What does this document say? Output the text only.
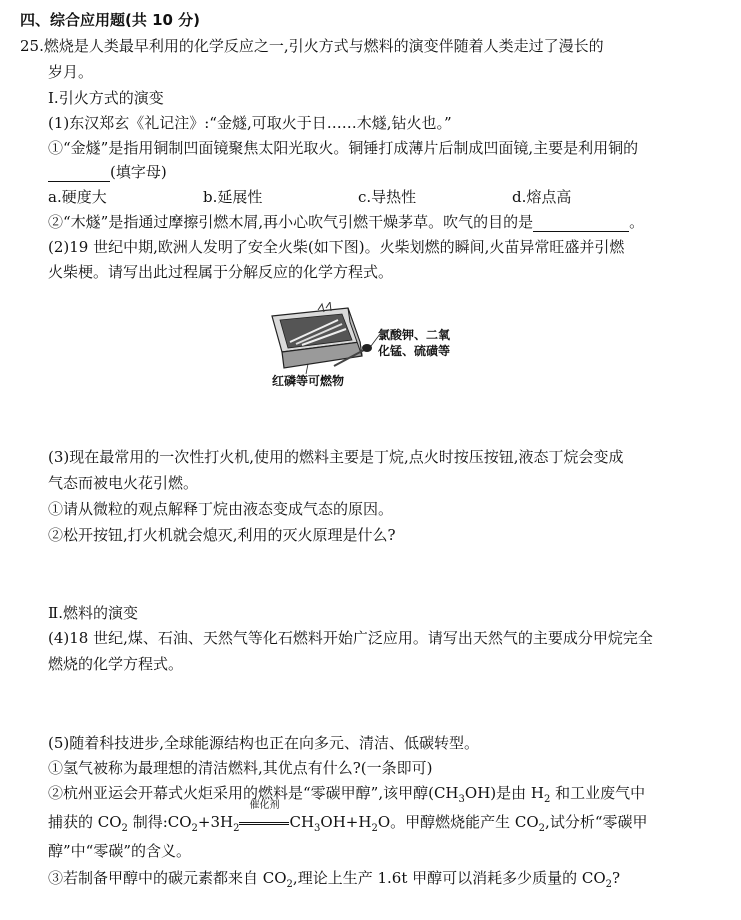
四、综合应用题(共 10 分)
25.燃烧是人类最早利用的化学反应之一,引火方式与燃料的演变伴随着人类走过了漫长的
岁月。
Ⅰ.引火方式的演变
(1)东汉郑玄《礼记注》:“金燧,可取火于日……木燧,钻火也。”
①“金燧”是指用铜制凹面镜聚焦太阳光取火。铜锤打成薄片后制成凹面镜,主要是利用铜的
(填字母)
a.硬度大	b.延展性	c.导热性	d.熔点高
②“木燧”是指通过摩擦引燃木屑,再小心吹气引燃干燥茅草。吹气的目的是	。
(2)19 世纪中期,欧洲人发明了安全火柴(如下图)。火柴划燃的瞬间,火苗异常旺盛并引燃
火柴梗。请写出此过程属于分解反应的化学方程式。
氯酸钾、二氧
化锰、硫磺等
红磷等可燃物
(3)现在最常用的一次性打火机,使用的燃料主要是丁烷,点火时按压按钮,液态丁烷会变成
气态而被电火花引燃。
①请从微粒的观点解释丁烷由液态变成气态的原因。
②松开按钮,打火机就会熄灭,利用的灭火原理是什么?
Ⅱ.燃料的演变
(4)18 世纪,煤、石油、天然气等化石燃料开始广泛应用。请写出天然气的主要成分甲烷完全
燃烧的化学方程式。
(5)随着科技进步,全球能源结构也正在向多元、清洁、低碳转型。
①氢气被称为最理想的清洁燃料,其优点有什么?(一条即可)
②杭州亚运会开幕式火炬采用的燃料是“零碳甲醇”,该甲醇$(CH_3OH)$是由 $H_2$ 和工业废气中
捕获的 $CO_2$ 制得$:CO_2+3H_2$
催化剂
$CH_3OH+H_2O$。甲醇燃烧能产生 $CO_2$,试分析“零碳甲
醇”中“零碳”的含义。
③若制备甲醇中的碳元素都来自 $CO_2$,理论上生产 1.6t 甲醇可以消耗多少质量的 $CO_2$?
